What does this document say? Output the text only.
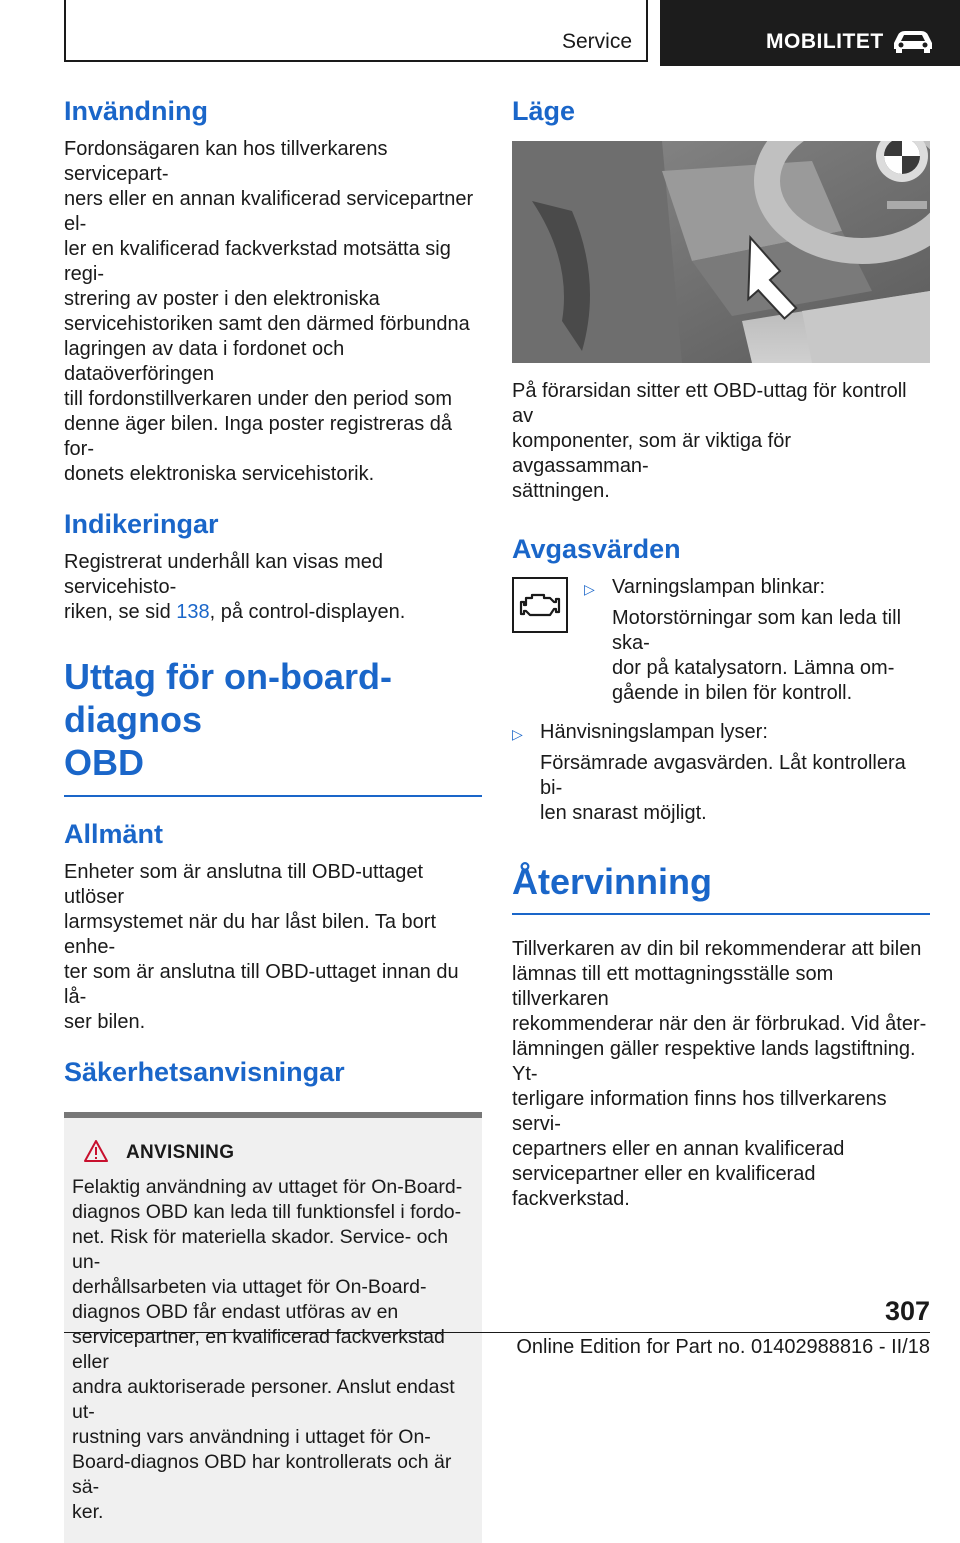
Service	MOBILITET
Invändning

Fordonsägaren kan hos tillverkarens servicepart-
ners eller en annan kvalificerad servicepartner el-
ler en kvalificerad fackverkstad motsätta sig regi-
strering av poster i den elektroniska
servicehistoriken samt den därmed förbundna
lagringen av data i fordonet och dataöverföringen
till fordonstillverkaren under den period som
denne äger bilen. Inga poster registreras då for-
donets elektroniska servicehistorik.

Indikeringar

Registrerat underhåll kan visas med servicehisto-
riken, se sid 138, på control-displayen.

Uttag för on-board-diagnos
OBD
Allmänt

Enheter som är anslutna till OBD-uttaget utlöser
larmsystemet när du har låst bilen. Ta bort enhe-
ter som är anslutna till OBD-uttaget innan du lå-
ser bilen.

Säkerhetsanvisningar
ANVISNING

Felaktig användning av uttaget för On-Board-
diagnos OBD kan leda till funktionsfel i fordo-
net. Risk för materiella skador. Service- och un-
derhållsarbeten via uttaget för On-Board-
diagnos OBD får endast utföras av en
servicepartner, en kvalificerad fackverkstad eller
andra auktoriserade personer. Anslut endast ut-
rustning vars användning i uttaget för On-
Board-diagnos OBD har kontrollerats och är sä-
ker.

Läge

På förarsidan sitter ett OBD-uttag för kontroll av
komponenter, som är viktiga för avgassamman-
sättningen.

Avgasvärden
▷ Varningslampan blinkar:

Motorstörningar som kan leda till ska-
dor på katalysatorn. Lämna om-
gående in bilen för kontroll.

▷ Hänvisningslampan lyser:

Försämrade avgasvärden. Låt kontrollera bi-
len snarast möjligt.

Återvinning

Tillverkaren av din bil rekommenderar att bilen
lämnas till ett mottagningsställe som tillverkaren
rekommenderar när den är förbrukad. Vid åter-
lämningen gäller respektive lands lagstiftning. Yt-
terligare information finns hos tillverkarens servi-
cepartners eller en annan kvalificerad
servicepartner eller en kvalificerad fackverkstad.

307
Online Edition for Part no. 01402988816 - II/18
